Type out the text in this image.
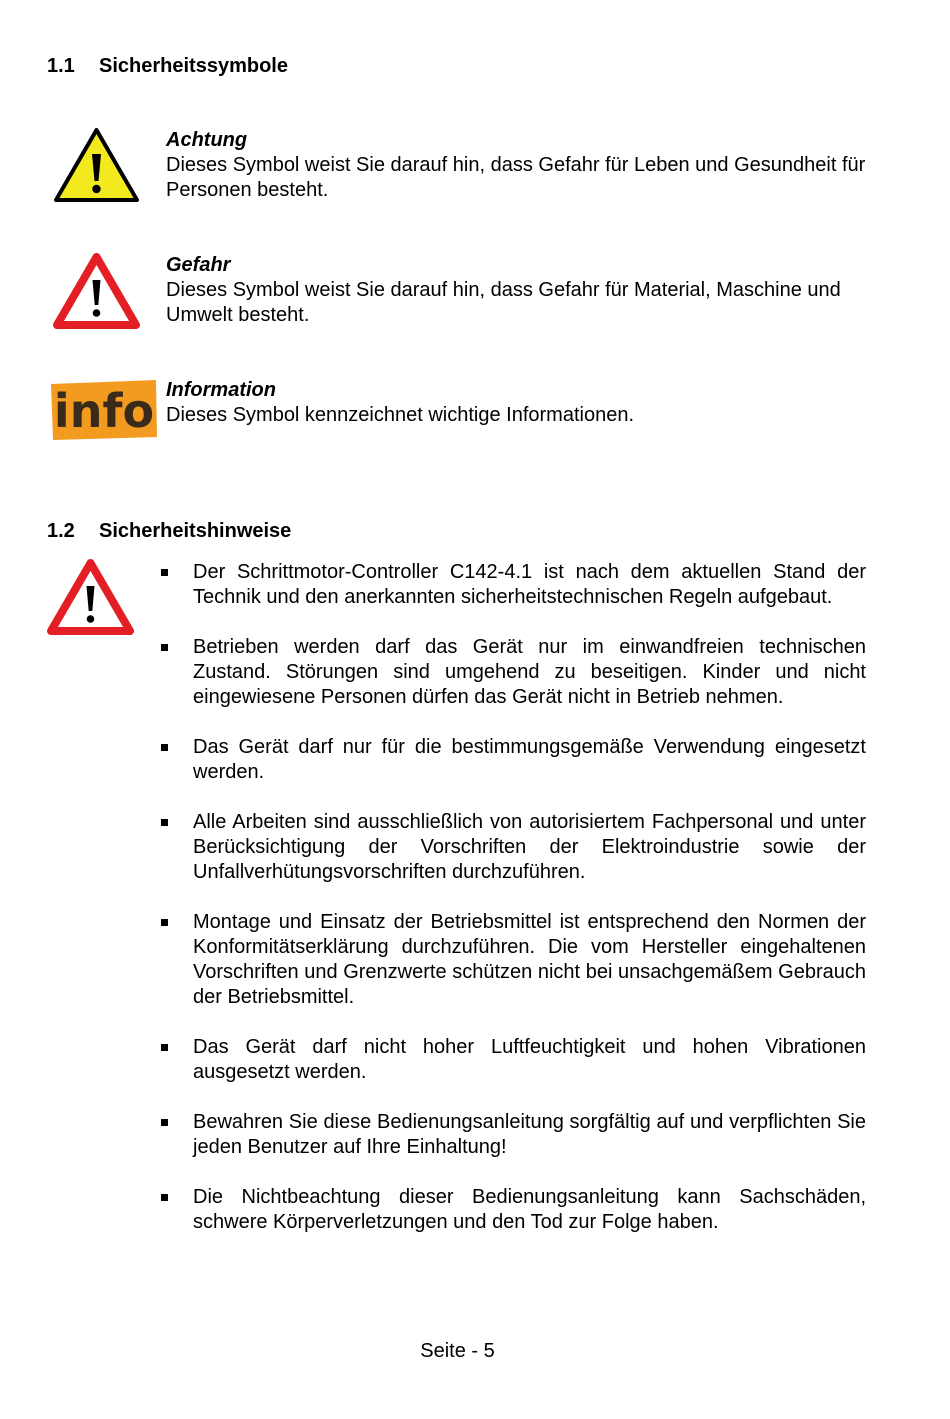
1.1 Sicherheitssymbole
Achtung
Dieses Symbol weist Sie darauf hin, dass Gefahr für Leben und Gesundheit für Personen besteht.
Gefahr
Dieses Symbol weist Sie darauf hin, dass Gefahr für Material, Maschine und Umwelt besteht.
info Information
Dieses Symbol kennzeichnet wichtige Informationen.
1.2 Sicherheitshinweise
Der Schrittmotor-Controller C142-4.1 ist nach dem aktuellen Stand der Technik und den anerkannten sicherheitstechnischen Regeln aufgebaut.
Betrieben werden darf das Gerät nur im einwandfreien technischen Zustand. Störungen sind umgehend zu beseitigen. Kinder und nicht eingewiesene Personen dürfen das Gerät nicht in Betrieb nehmen.
Das Gerät darf nur für die bestimmungsgemäße Verwendung eingesetzt werden.
Alle Arbeiten sind ausschließlich von autorisiertem Fachpersonal und unter Berücksichtigung der Vorschriften der Elektroindustrie sowie der Unfallverhütungsvorschriften durchzuführen.
Montage und Einsatz der Betriebsmittel ist entsprechend den Normen der Konformitätserklärung durchzuführen. Die vom Hersteller eingehaltenen Vorschriften und Grenzwerte schützen nicht bei unsachgemäßem Gebrauch der Betriebsmittel.
Das Gerät darf nicht hoher Luftfeuchtigkeit und hohen Vibrationen ausgesetzt werden.
Bewahren Sie diese Bedienungsanleitung sorgfältig auf und verpflichten Sie jeden Benutzer auf Ihre Einhaltung!
Die Nichtbeachtung dieser Bedienungsanleitung kann Sachschäden, schwere Körperverletzungen und den Tod zur Folge haben.
Seite - 5
